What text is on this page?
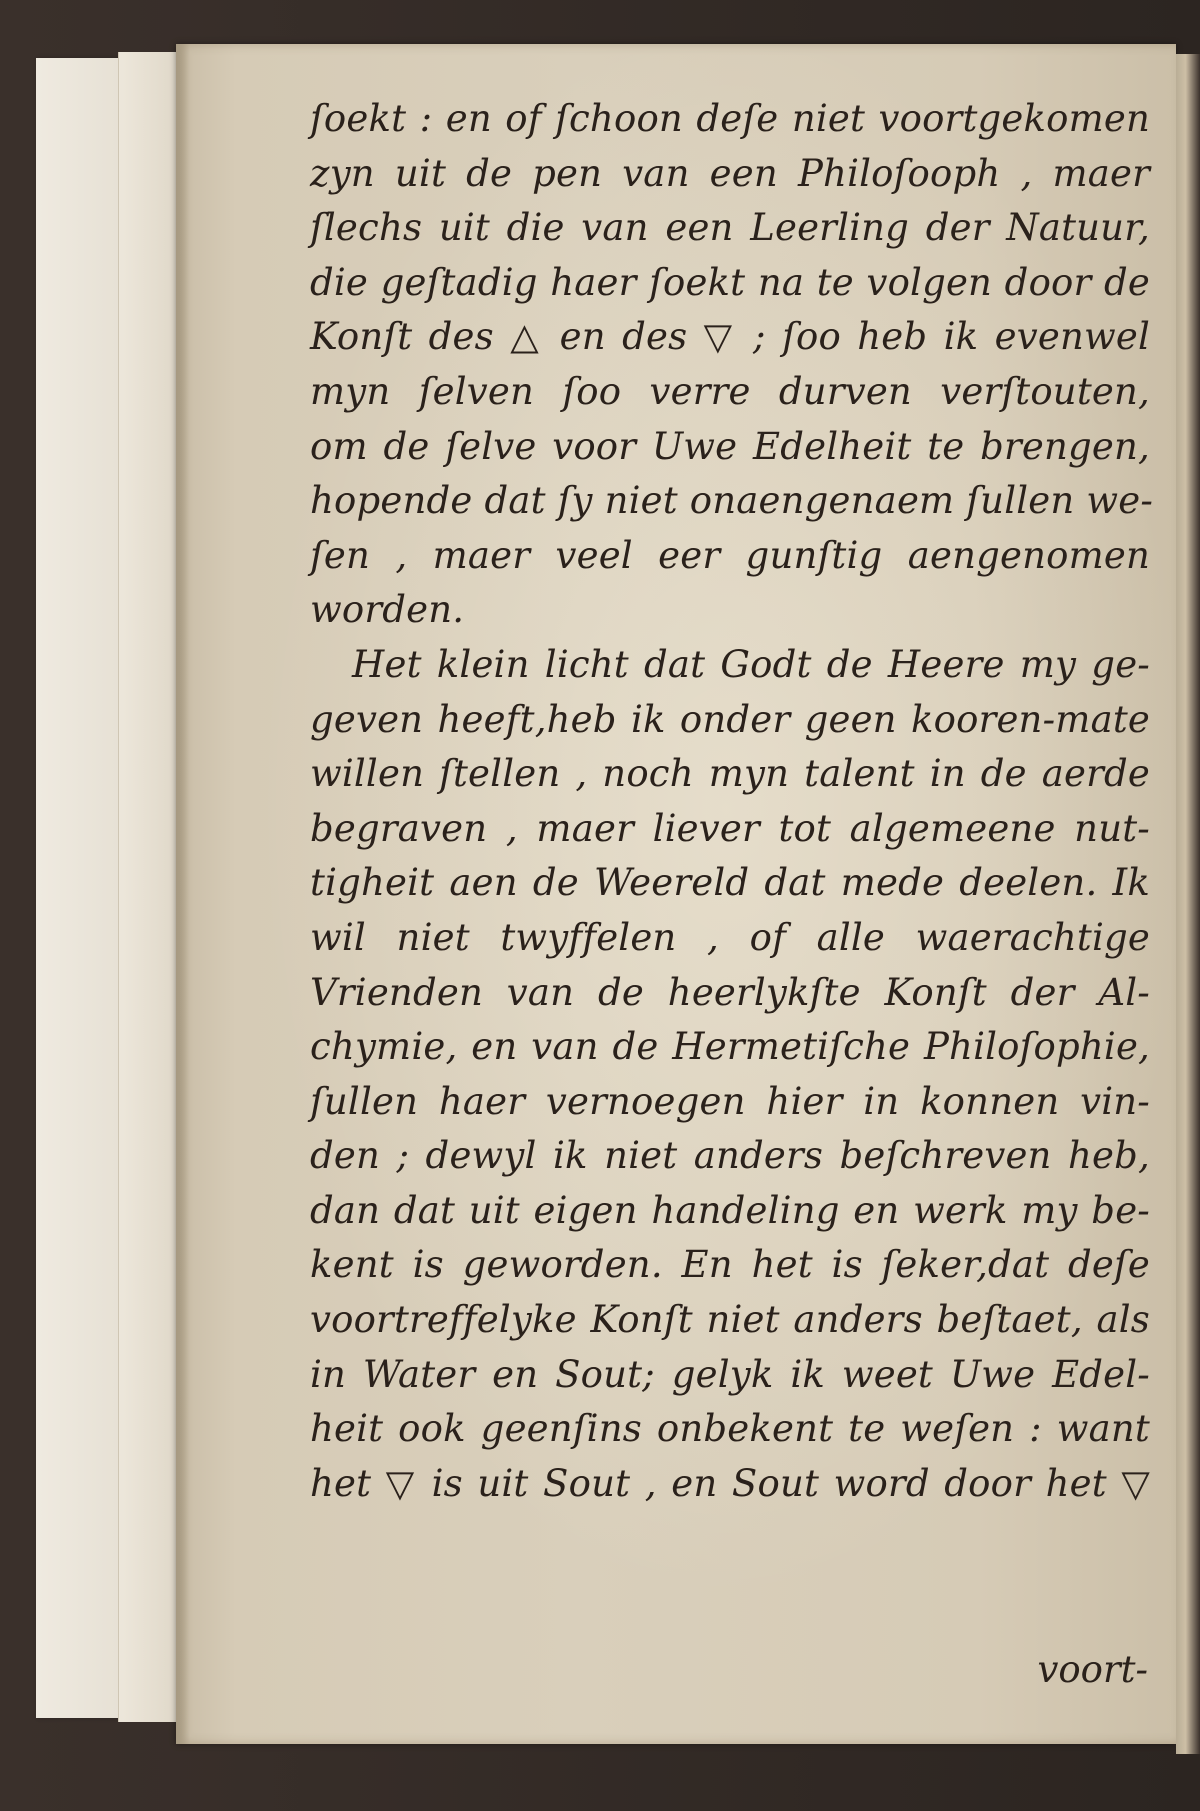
ſoekt : en of ſchoon deſe niet voortgekomen
zyn uit de pen van een Philoſooph , maer
ſlechs uit die van een Leerling der Natuur,
die geſtadig haer ſoekt na te volgen door de
Konſt des △ en des ▽ ; ſoo heb ik evenwel
myn ſelven ſoo verre durven verſtouten,
om de ſelve voor Uwe Edelheit te brengen,
hopende dat ſy niet onaengenaem ſullen we-
ſen , maer veel eer gunſtig aengenomen
worden.
Het klein licht dat Godt de Heere my ge-
geven heeft,heb ik onder geen kooren-mate
willen ſtellen , noch myn talent in de aerde
begraven , maer liever tot algemeene nut-
tigheit aen de Weereld dat mede deelen. Ik
wil niet twyffelen , of alle waerachtige
Vrienden van de heerlykſte Konſt der Al-
chymie, en van de Hermetiſche Philoſophie,
ſullen haer vernoegen hier in konnen vin-
den ; dewyl ik niet anders beſchreven heb,
dan dat uit eigen handeling en werk my be-
kent is geworden. En het is ſeker,dat deſe
voortreffelyke Konſt niet anders beſtaet, als
in Water en Sout; gelyk ik weet Uwe Edel-
heit ook geenſins onbekent te weſen : want
het ▽ is uit Sout , en Sout word door het ▽
voort-
